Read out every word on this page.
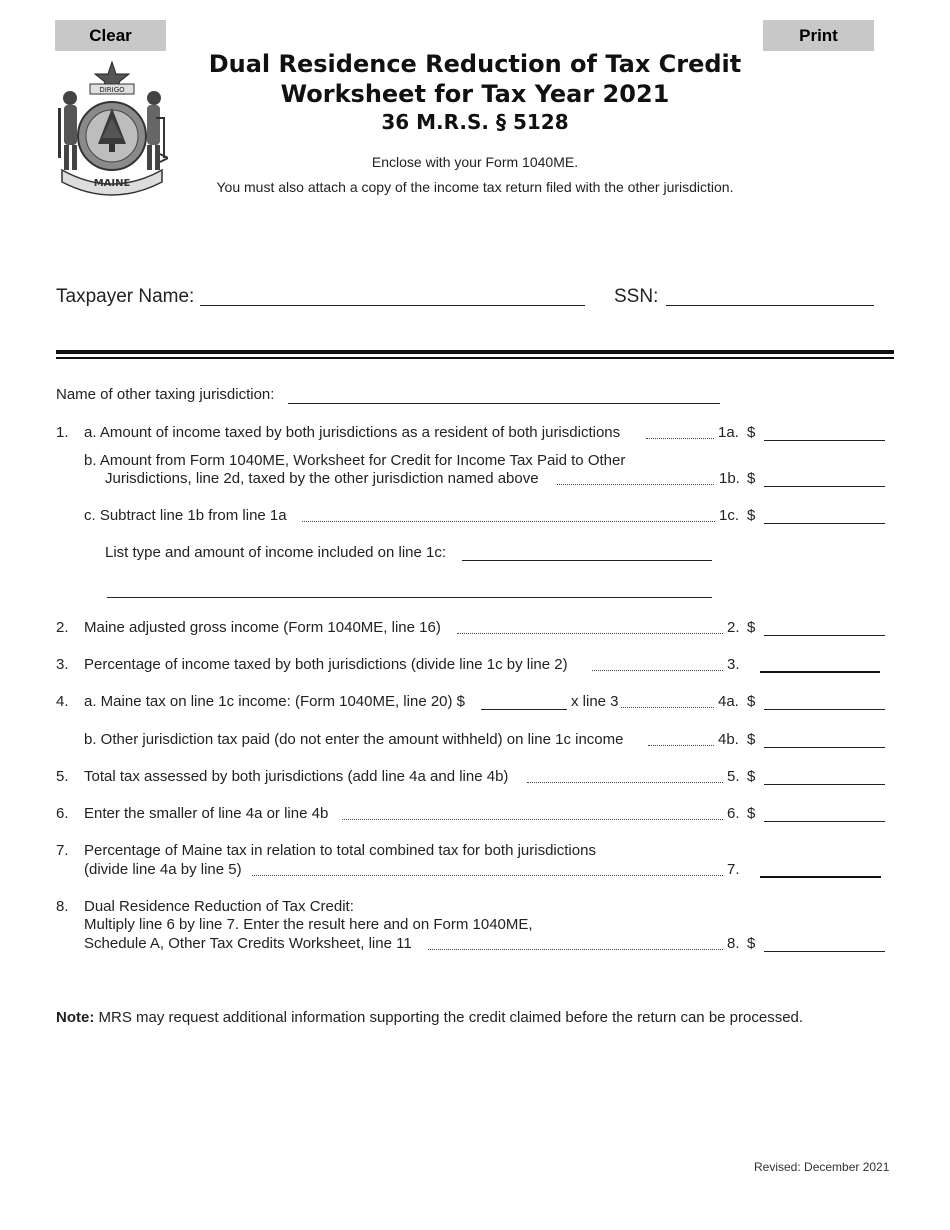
Clear	Print
DIRIGO
MAINE
Dual Residence Reduction of Tax Credit
Worksheet for Tax Year 2021
36 M.R.S. § 5128
Enclose with your Form 1040ME.
You must also attach a copy of the income tax return filed with the other jurisdiction.
Taxpayer Name:	SSN:
Name of other taxing jurisdiction:
1. a. Amount of income taxed by both jurisdictions as a resident of both jurisdictions	1a. $
b. Amount from Form 1040ME, Worksheet for Credit for Income Tax Paid to Other
Jurisdictions, line 2d, taxed by the other jurisdiction named above	1b. $
c. Subtract line 1b from line 1a	1c. $
List type and amount of income included on line 1c:
2. Maine adjusted gross income (Form 1040ME, line 16)	2. $
3. Percentage of income taxed by both jurisdictions (divide line 1c by line 2)	3.
4. a. Maine tax on line 1c income: (Form 1040ME, line 20) $	x line 3	4a. $
b. Other jurisdiction tax paid (do not enter the amount withheld) on line 1c income	4b. $
5. Total tax assessed by both jurisdictions (add line 4a and line 4b)	5. $
6. Enter the smaller of line 4a or line 4b	6. $
7. Percentage of Maine tax in relation to total combined tax for both jurisdictions
(divide line 4a by line 5)	7.
8. Dual Residence Reduction of Tax Credit:
Multiply line 6 by line 7. Enter the result here and on Form 1040ME,
Schedule A, Other Tax Credits Worksheet, line 11	8. $
Note: MRS may request additional information supporting the credit claimed before the return can be processed.
Revised: December 2021
